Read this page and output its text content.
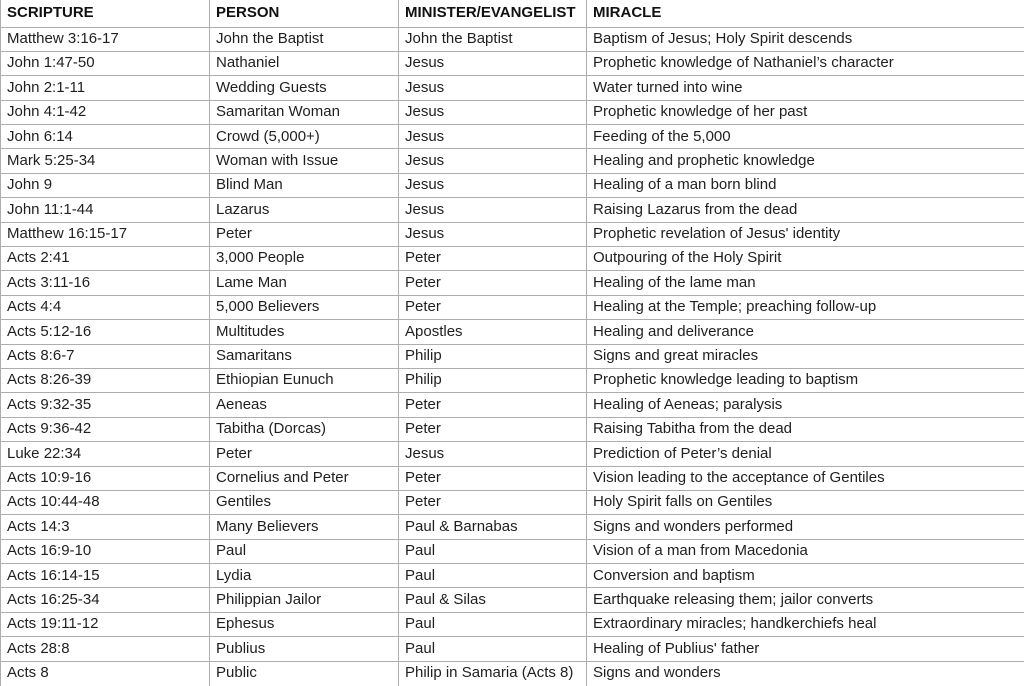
SCRIPTURE	PERSON	MINISTER/EVANGELIST	MIRACLE
Matthew 3:16-17	John the Baptist	John the Baptist	Baptism of Jesus; Holy Spirit descends
John 1:47-50	Nathaniel	Jesus	Prophetic knowledge of Nathaniel’s character
John 2:1-11	Wedding Guests	Jesus	Water turned into wine
John 4:1-42	Samaritan Woman	Jesus	Prophetic knowledge of her past
John 6:14	Crowd (5,000+)	Jesus	Feeding of the 5,000
Mark 5:25-34	Woman with Issue	Jesus	Healing and prophetic knowledge
John 9	Blind Man	Jesus	Healing of a man born blind
John 11:1-44	Lazarus	Jesus	Raising Lazarus from the dead
Matthew 16:15-17	Peter	Jesus	Prophetic revelation of Jesus' identity
Acts 2:41	3,000 People	Peter	Outpouring of the Holy Spirit
Acts 3:11-16	Lame Man	Peter	Healing of the lame man
Acts 4:4	5,000 Believers	Peter	Healing at the Temple; preaching follow-up
Acts 5:12-16	Multitudes	Apostles	Healing and deliverance
Acts 8:6-7	Samaritans	Philip	Signs and great miracles
Acts 8:26-39	Ethiopian Eunuch	Philip	Prophetic knowledge leading to baptism
Acts 9:32-35	Aeneas	Peter	Healing of Aeneas; paralysis
Acts 9:36-42	Tabitha (Dorcas)	Peter	Raising Tabitha from the dead
Luke 22:34	Peter	Jesus	Prediction of Peter’s denial
Acts 10:9-16	Cornelius and Peter	Peter	Vision leading to the acceptance of Gentiles
Acts 10:44-48	Gentiles	Peter	Holy Spirit falls on Gentiles
Acts 14:3	Many Believers	Paul & Barnabas	Signs and wonders performed
Acts 16:9-10	Paul	Paul	Vision of a man from Macedonia
Acts 16:14-15	Lydia	Paul	Conversion and baptism
Acts 16:25-34	Philippian Jailor	Paul & Silas	Earthquake releasing them; jailor converts
Acts 19:11-12	Ephesus	Paul	Extraordinary miracles; handkerchiefs heal
Acts 28:8	Publius	Paul	Healing of Publius' father
Acts 8	Public	Philip in Samaria (Acts 8)	Signs and wonders
